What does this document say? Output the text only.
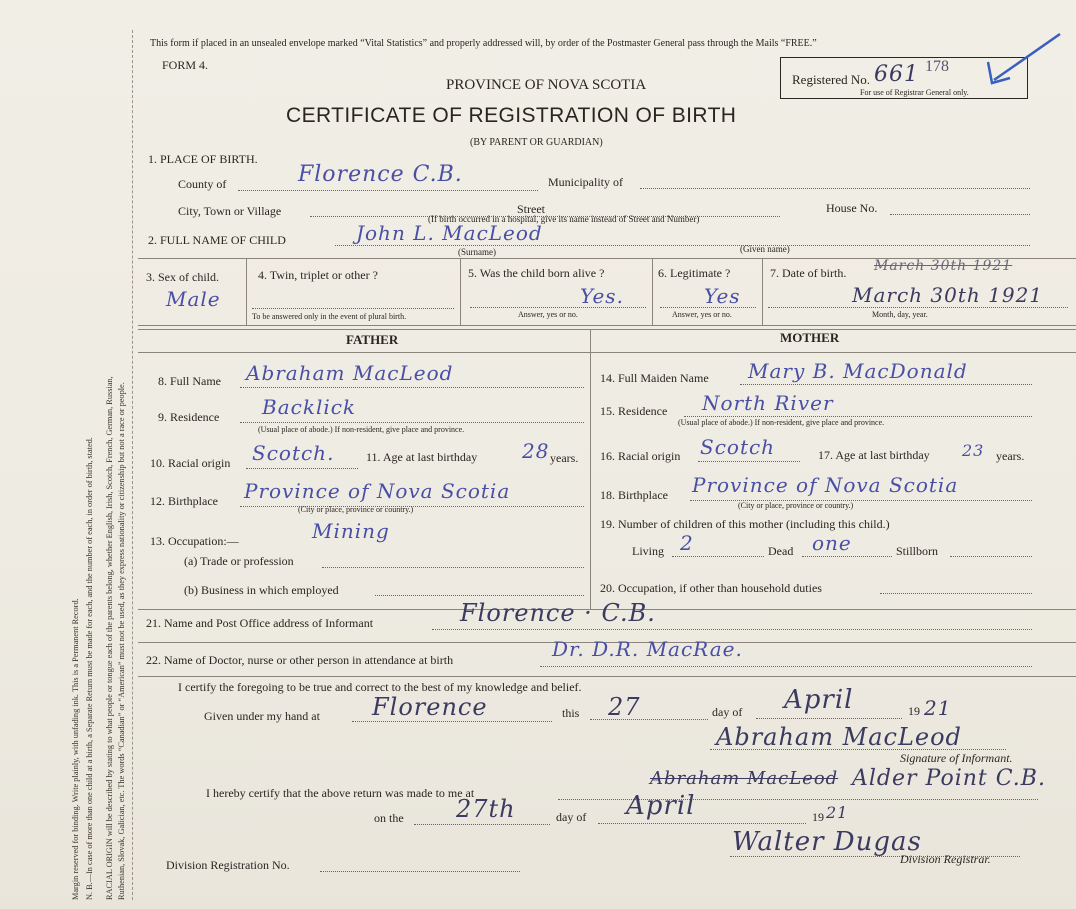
Margin reserved for binding. Write plainly, with unfading ink. This is a Permanent Record. N. B.—In case of more than one child at a birth, a Separate Return must be made for each, and the number of each, in order of birth, stated. RACIAL ORIGIN will be described by stating to what people or tongue each of the parents belong, whether English, Irish, Scotch, French, German, Russian, Ruthenian, Slovak, Galician, etc. The words “Canadian” or “American” must not be used, as they express nationality or citizenship but not a race or people.
This form if placed in an unsealed envelope marked “Vital Statistics” and properly addressed will, by order of the Postmaster General pass through the Mails “FREE.”
FORM 4.
PROVINCE OF NOVA SCOTIA
CERTIFICATE OF REGISTRATION OF BIRTH
(BY PARENT OR GUARDIAN)
Registered No. 661 178
For use of Registrar General only.
1. PLACE OF BIRTH.
County of	Florence C.B.	Municipality of
City, Town or Village	Street	House No.
(If birth occurred in a hospital, give its name instead of Street and Number)
2. FULL NAME OF CHILD	John L. MacLeod
(Surname)	(Given name)
3. Sex of child.
Male
4. Twin, triplet or other ?
To be answered only in the event of plural birth.
5. Was the child born alive ?
Yes.
Answer, yes or no.
6. Legitimate ?
Yes
Answer, yes or no.
7. Date of birth. March 30th 1921
March 30th 1921
Month, day, year.
FATHER	MOTHER
8. Full Name Abraham MacLeod
9. Residence Backlick
(Usual place of abode.) If non-resident, give place and province.
10. Racial origin Scotch.	11. Age at last birthday 28 years.
12. Birthplace Province of Nova Scotia
(City or place, province or country.)
13. Occupation:—	Mining
(a) Trade or profession
(b) Business in which employed
14. Full Maiden Name Mary B. MacDonald
15. Residence North River
(Usual place of abode.) If non-resident, give place and province.
16. Racial origin Scotch	17. Age at last birthday 23 years.
18. Birthplace Province of Nova Scotia
(City or place, province or country.)
19. Number of children of this mother (including this child.)
Living 2	Dead one	Stillborn
20. Occupation, if other than household duties
21. Name and Post Office address of Informant	Florence · C.B.
22. Name of Doctor, nurse or other person in attendance at birth	Dr. D.R. MacRae.
I certify the foregoing to be true and correct to the best of my knowledge and belief.
Given under my hand at Florence	this 27	day of April	19 21
Abraham MacLeod
Signature of Informant.
I hereby certify that the above return was made to me at
Abraham MacLeod Alder Point C.B.
on the 27th	day of April	19 21
Walter Dugas
Division Registrar.
Division Registration No.
